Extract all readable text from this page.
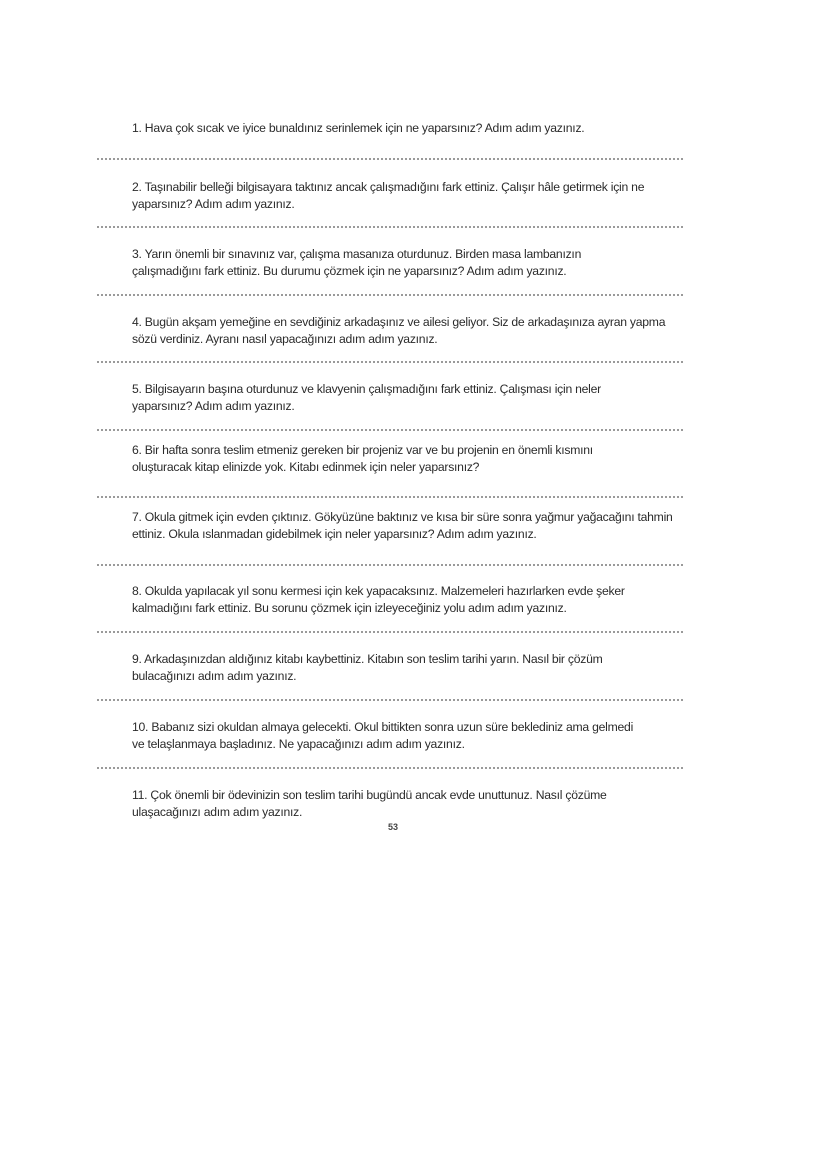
1. Hava çok sıcak ve iyice bunaldınız serinlemek için ne yaparsınız? Adım adım yazınız.
2. Taşınabilir belleği bilgisayara taktınız ancak çalışmadığını fark ettiniz. Çalışır hâle getirmek için ne yaparsınız? Adım adım yazınız.
3. Yarın önemli bir sınavınız var, çalışma masanıza oturdunuz. Birden masa lambanızın çalışmadığını fark ettiniz. Bu durumu çözmek için ne yaparsınız? Adım adım yazınız.
4. Bugün akşam yemeğine en sevdiğiniz arkadaşınız ve ailesi geliyor. Siz de arkadaşınıza ayran yapma sözü verdiniz. Ayranı nasıl yapacağınızı adım adım yazınız.
5. Bilgisayarın başına oturdunuz ve klavyenin çalışmadığını fark ettiniz. Çalışması için neler yaparsınız? Adım adım yazınız.
6. Bir hafta sonra teslim etmeniz gereken bir projeniz var ve bu projenin en önemli kısmını oluşturacak kitap elinizde yok. Kitabı edinmek için neler yaparsınız?
7. Okula gitmek için evden çıktınız. Gökyüzüne baktınız ve kısa bir süre sonra yağmur yağacağını tahmin ettiniz. Okula ıslanmadan gidebilmek için neler yaparsınız? Adım adım yazınız.
8. Okulda yapılacak yıl sonu kermesi için kek yapacaksınız. Malzemeleri hazırlarken evde şeker kalmadığını fark ettiniz. Bu sorunu çözmek için izleyeceğiniz yolu adım adım yazınız.
9. Arkadaşınızdan aldığınız kitabı kaybettiniz. Kitabın son teslim tarihi yarın. Nasıl bir çözüm bulacağınızı adım adım yazınız.
10. Babanız sizi okuldan almaya gelecekti. Okul bittikten sonra uzun süre beklediniz ama gelmedi ve telaşlanmaya başladınız. Ne yapacağınızı adım adım yazınız.
11. Çok önemli bir ödevinizin son teslim tarihi bugündü ancak evde unuttunuz. Nasıl çözüme ulaşacağınızı adım adım yazınız.
53
